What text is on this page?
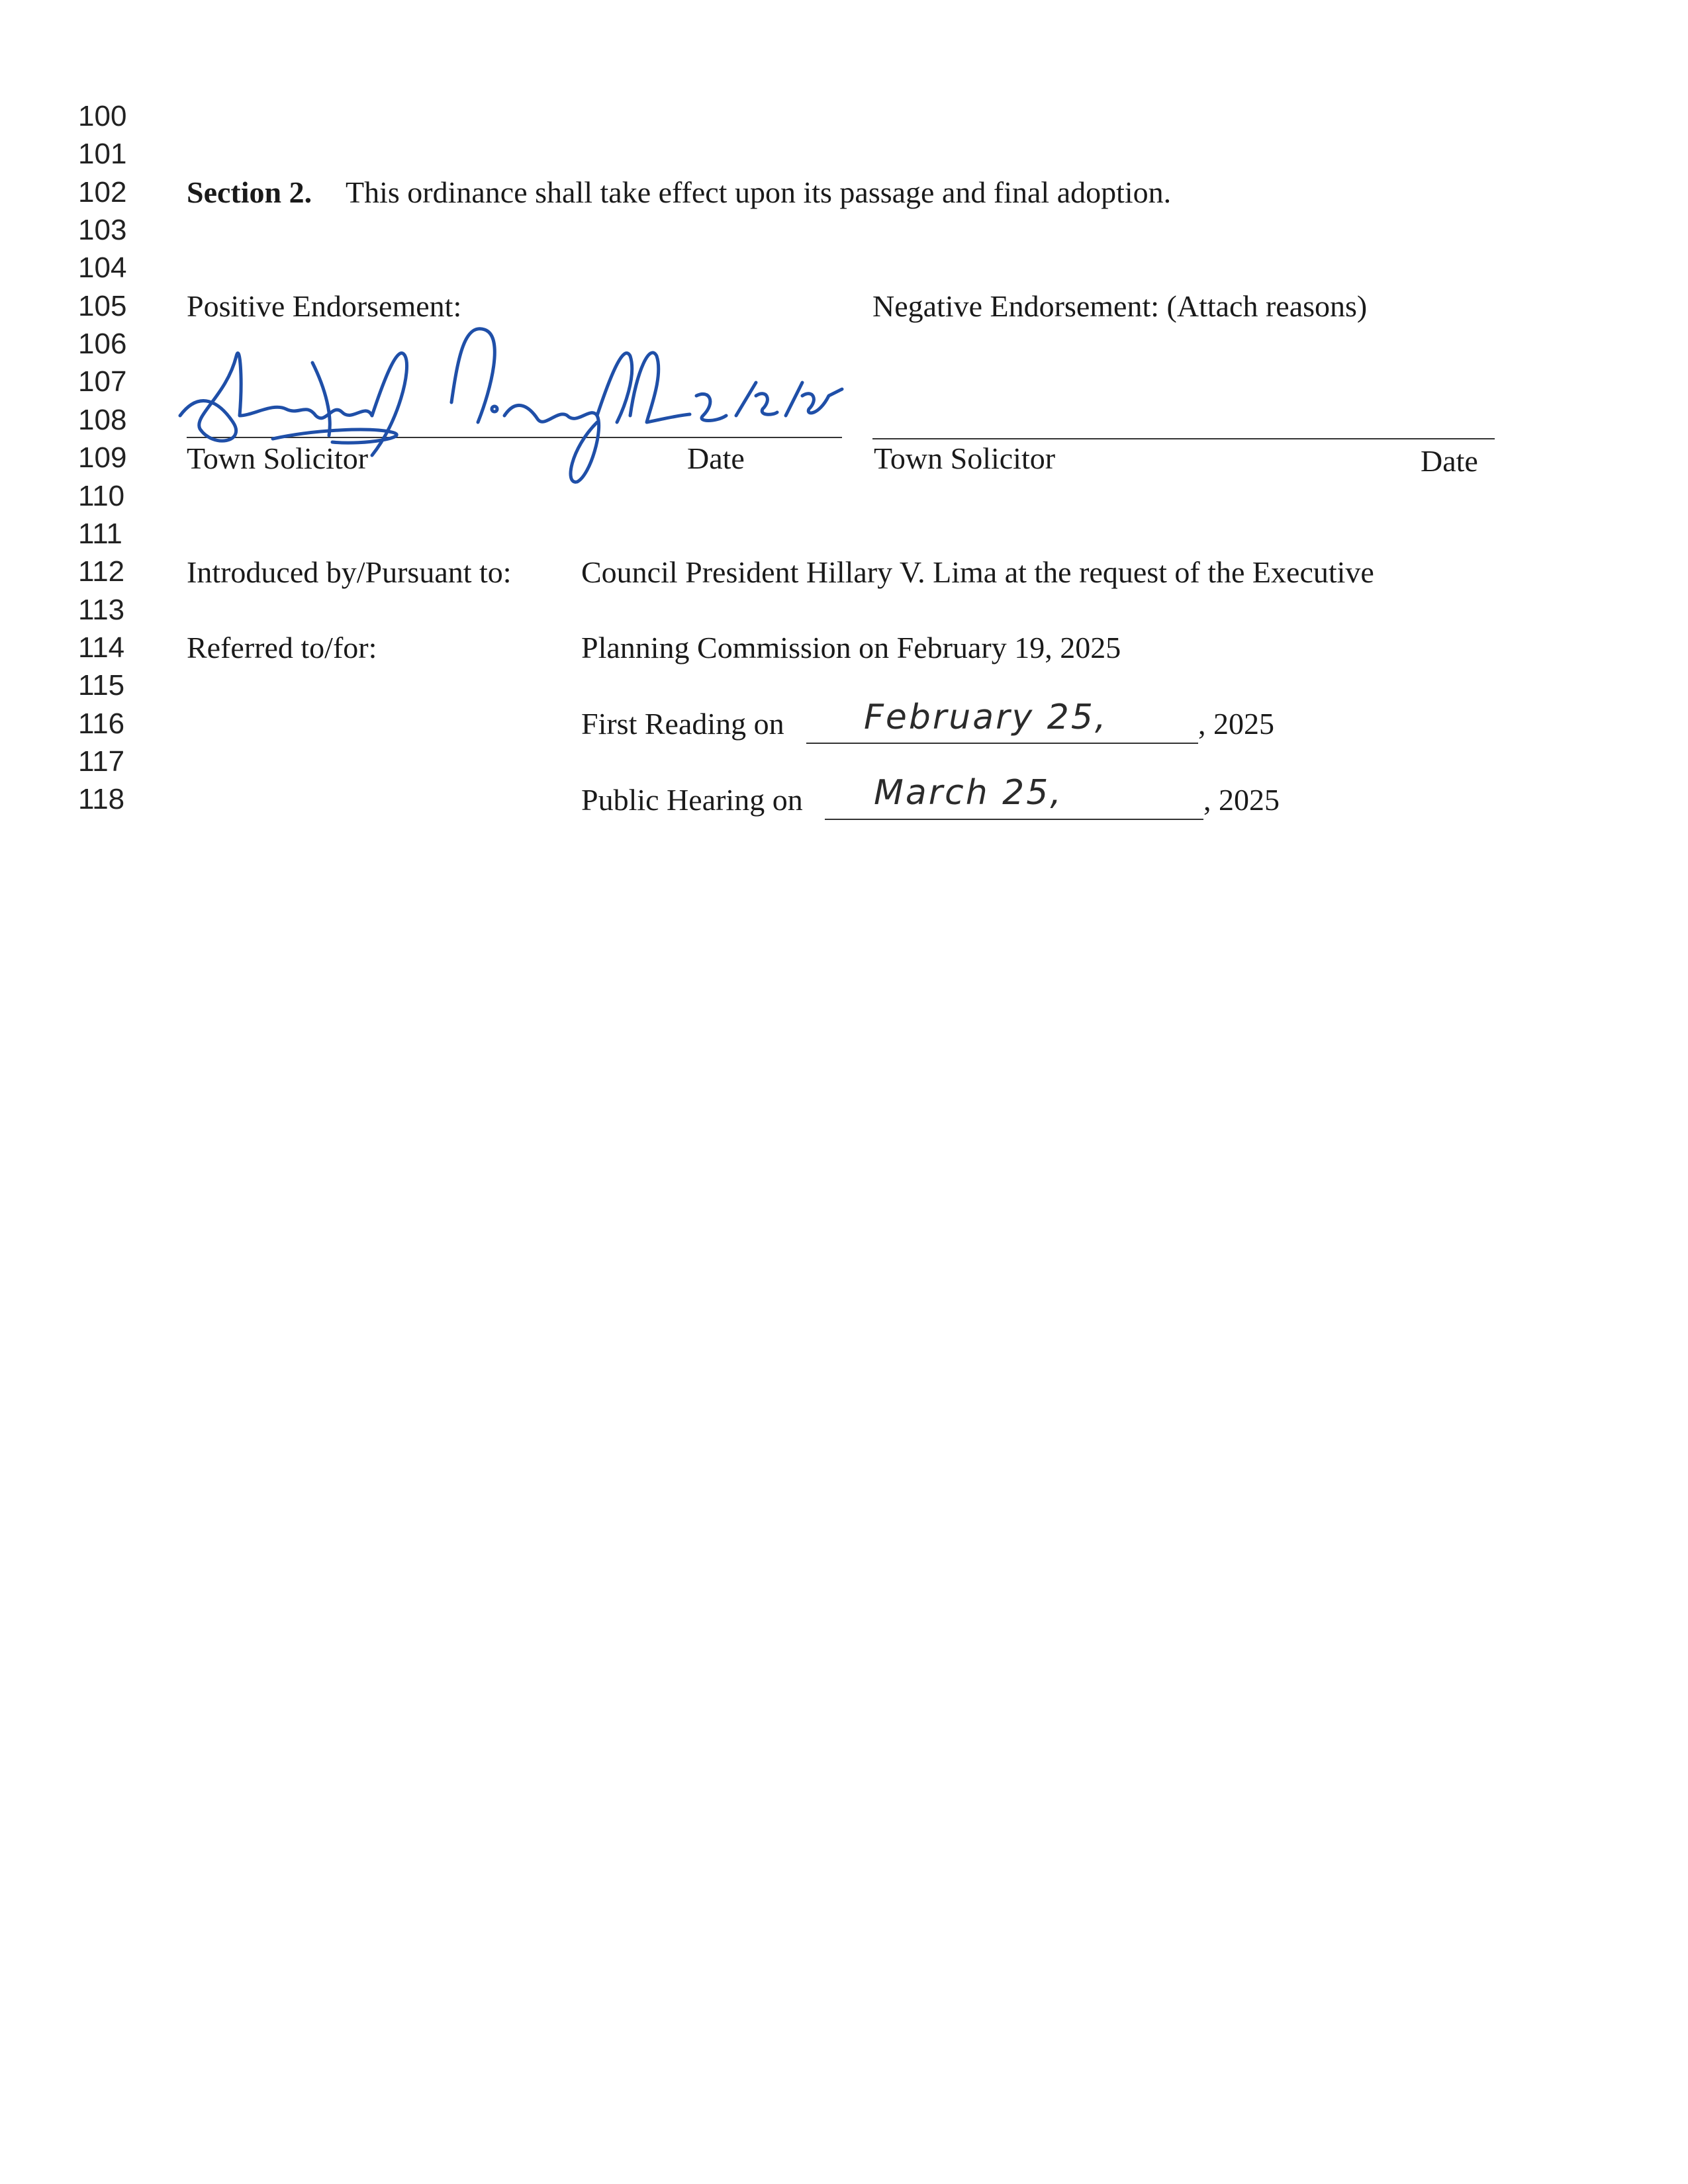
100
101
102
103
104
105
106
107
108
109
110
111
112
113
114
115
116
117
118
Section 2. This ordinance shall take effect upon its passage and final adoption.
Positive Endorsement:	Negative Endorsement: (Attach reasons)
Town Solicitor	Date	Town Solicitor	Date
Introduced by/Pursuant to: Council President Hillary V. Lima at the request of the Executive
Referred to/for:	Planning Commission on February 19, 2025
First Reading on February 25,	, 2025
Public Hearing on March 25,	, 2025
